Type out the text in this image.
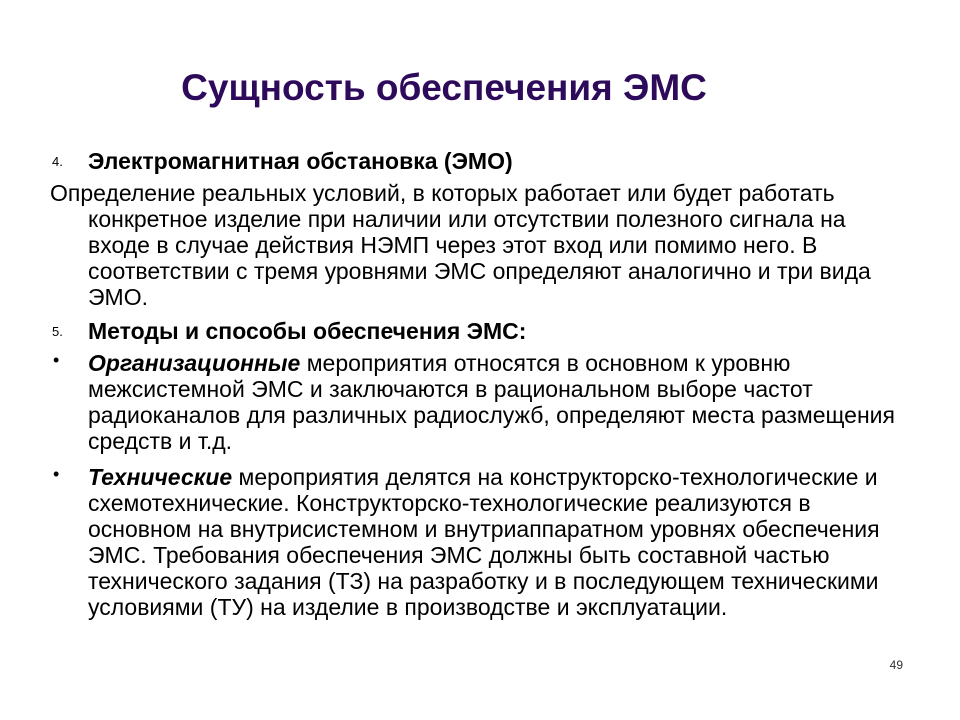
Сущность обеспечения ЭМС
4. Электромагнитная обстановка (ЭМО)
Определение реальных условий, в которых работает или будет работать конкретное изделие при наличии или отсутствии полезного сигнала на входе в случае действия НЭМП через этот вход или помимо него. В соответствии с тремя уровнями ЭМС определяют аналогично и три вида ЭМО.
5. Методы и способы обеспечения ЭМС:
• Организационные мероприятия относятся в основном к уровню межсистемной ЭМС и заключаются в рациональном выборе частот радиоканалов для различных радиослужб, определяют места размещения средств и т.д.
• Технические мероприятия делятся на конструкторско-технологические и схемотехнические. Конструкторско-технологические реализуются в основном на внутрисистемном и внутриаппаратном уровнях обеспечения ЭМС. Требования обеспечения ЭМС должны быть составной частью технического задания (ТЗ) на разработку и в последующем техническими условиями (ТУ) на изделие в производстве и эксплуатации.
49
